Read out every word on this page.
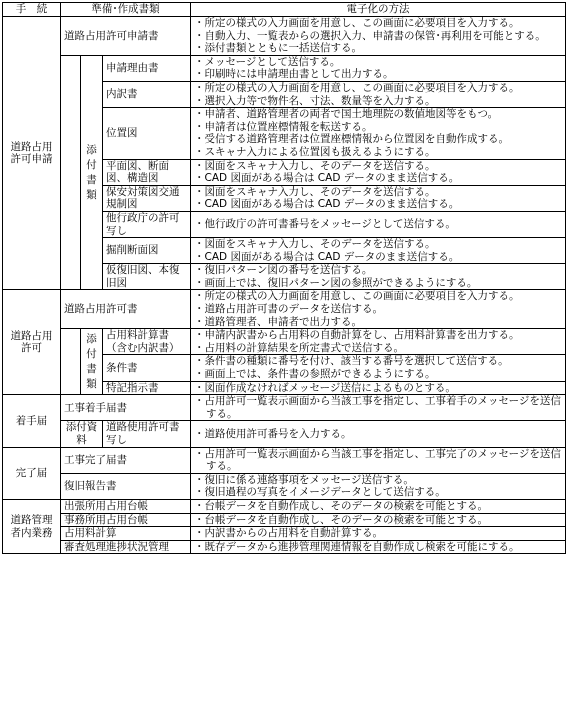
手　続	準備･作成書類			電子化の方法
道路占用許可申請	道路占用許可申請書			・所定の様式の入力画面を用意し、この画面に必要項目を入力する。
・自動入力、一覧表からの選択入力、申請書の保管･再利用を可能とする。
・添付書類とともに一括送信する。

		添付書類	申請理由書	・メッセージとして送信する。
・印刷時には申請理由書として出力する。

			内訳書	・所定の様式の入力画面を用意し、この画面に必要項目を入力する。
・選択入力等で物件名、寸法、数量等を入力する。

			位置図	・申請者、道路管理者の両者で国土地理院の数値地図等をもつ。
・申請者は位置座標情報を転送する。
・受信する道路管理者は位置座標情報から位置図を自動作成する。
・スキャナ入力による位置図も扱えるようにする。

			平面図、断面図、構造図	・図面をスキャナ入力し、そのデータを送信する。
・CAD 図面がある場合は CAD データのまま送信する。

			保安対策図交通規制図	・図面をスキャナ入力し、そのデータを送信する。
・CAD 図面がある場合は CAD データのまま送信する。

			他行政庁の許可写し	・他行政庁の許可書番号をメッセージとして送信する。

			掘削断面図	・図面をスキャナ入力し、そのデータを送信する。
・CAD 図面がある場合は CAD データのまま送信する。

			仮復旧図、本復旧図	・復旧パターン図の番号を送信する。
・画面上では、復旧パターン図の参照ができるようにする。

道路占用許可	道路占用許可書			・所定の様式の入力画面を用意し、この画面に必要項目を入力する。
・道路占用許可書のデータを送信する。
・道路管理者、申請者で出力する。

		添付書類	占用料計算書（含む内訳書）	・申請内訳書から占用料の自動計算をし、占用料計算書を出力する。
・占用料の計算結果を所定書式で送信する。

			条件書	・条件書の種類に番号を付け、該当する番号を選択して送信する。
・画面上では、条件書の参照ができるようにする。

			特記指示書	・図面作成なければメッセージ送信によるものとする。

着手届	工事着手届書			・占用許可一覧表示画面から当該工事を指定し、工事着手のメッセージを送信する。

	添付資料		道路使用許可書写し	・道路使用許可番号を入力する。

完了届	工事完了届書			・占用許可一覧表示画面から当該工事を指定し、工事完了のメッセージを送信する。

	復旧報告書			・復旧に係る連絡事項をメッセージ送信する。
・復旧過程の写真をイメージデータとして送信する。

道路管理者内業務	出張所用占用台帳			・台帳データを自動作成し、そのデータの検索を可能とする。

	事務所用占用台帳			・台帳データを自動作成し、そのデータの検索を可能とする。

	占用料計算			・内訳書からの占用料を自動計算する。

	審査処理進捗状況管理			・既存データから進捗管理関連情報を自動作成し検索を可能にする。
